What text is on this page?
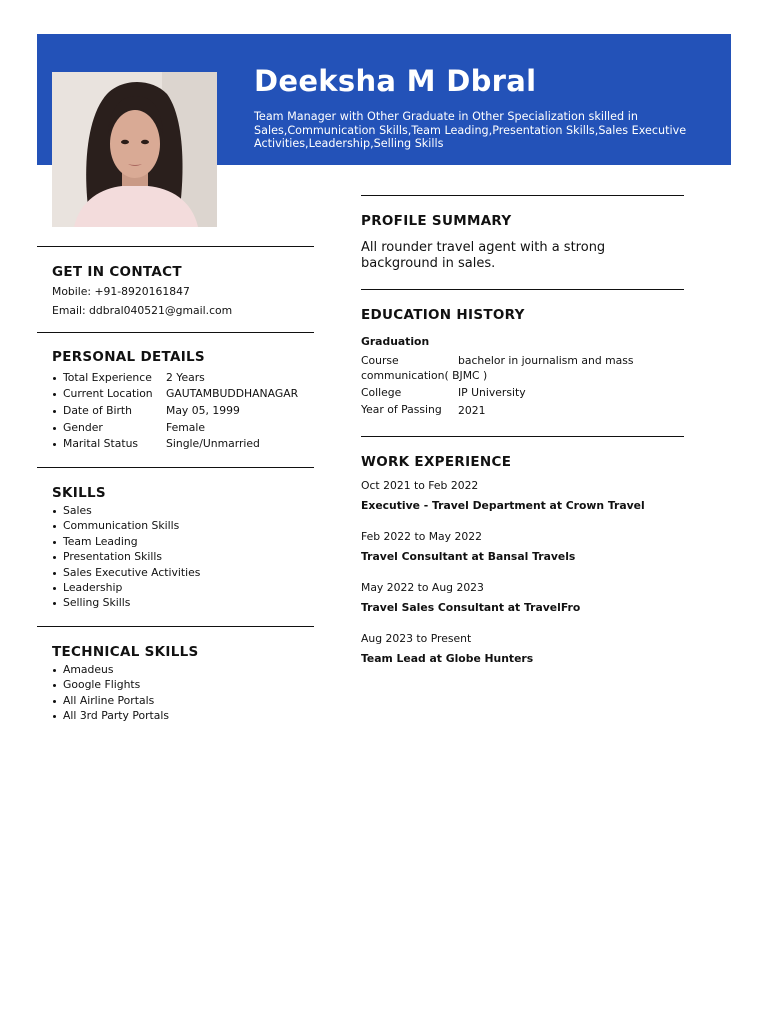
Deeksha M Dbral
Team Manager with Other Graduate in Other Specialization skilled in Sales,Communication Skills,Team Leading,Presentation Skills,Sales Executive Activities,Leadership,Selling Skills
GET IN CONTACT
Mobile: +91-8920161847
Email: ddbral040521@gmail.com
PERSONAL DETAILS
Total Experience 2 Years
Current Location GAUTAMBUDDHANAGAR
Date of Birth	May 05, 1999
Gender	Female
Marital Status	Single/Unmarried
SKILLS
Sales
Communication Skills
Team Leading
Presentation Skills
Sales Executive Activities
Leadership
Selling Skills
TECHNICAL SKILLS
Amadeus
Google Flights
All Airline Portals
All 3rd Party Portals
PROFILE SUMMARY
All rounder travel agent with a strong background in sales.
EDUCATION HISTORY
Graduation
Course	bachelor in journalism and mass
communication( BJMC )
College	IP University
Year of Passing 2021
WORK EXPERIENCE
Oct 2021 to Feb 2022
Executive - Travel Department at Crown Travel
Feb 2022 to May 2022
Travel Consultant at Bansal Travels
May 2022 to Aug 2023
Travel Sales Consultant at TravelFro
Aug 2023 to Present
Team Lead at Globe Hunters
